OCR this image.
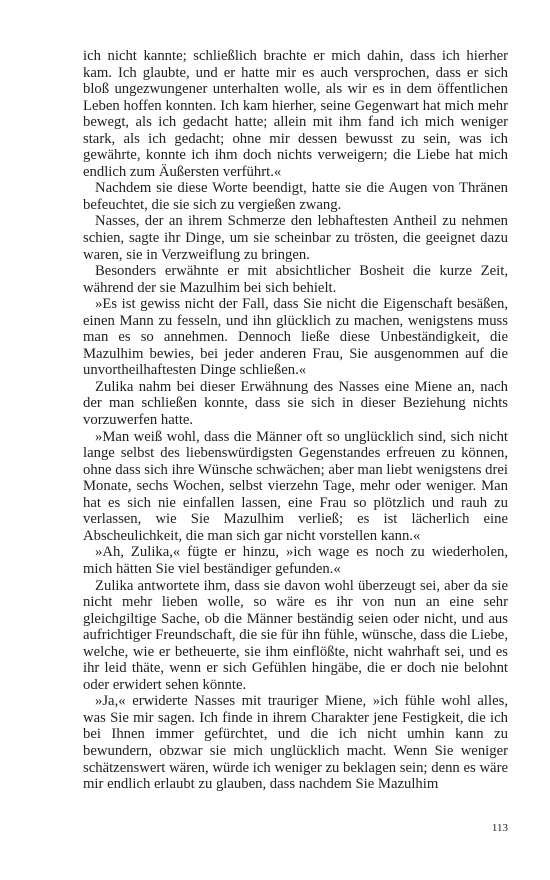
ich nicht kannte; schließlich brachte er mich dahin, dass ich hierher kam. Ich glaubte, und er hatte mir es auch versprochen, dass er sich bloß ungezwungener unterhalten wolle, als wir es in dem öffentlichen Leben hoffen konnten. Ich kam hierher, seine Gegenwart hat mich mehr bewegt, als ich gedacht hatte; allein mit ihm fand ich mich weniger stark, als ich gedacht; ohne mir dessen bewusst zu sein, was ich gewährte, konnte ich ihm doch nichts verweigern; die Liebe hat mich endlich zum Äußersten verführt.«

Nachdem sie diese Worte beendigt, hatte sie die Augen von Thränen befeuchtet, die sie sich zu vergießen zwang.

Nasses, der an ihrem Schmerze den lebhaftesten Antheil zu nehmen schien, sagte ihr Dinge, um sie scheinbar zu trösten, die geeignet dazu waren, sie in Verzweiflung zu bringen.

Besonders erwähnte er mit absichtlicher Bosheit die kurze Zeit, während der sie Mazulhim bei sich behielt.

»Es ist gewiss nicht der Fall, dass Sie nicht die Eigenschaft besäßen, einen Mann zu fesseln, und ihn glücklich zu machen, wenigstens muss man es so annehmen. Dennoch ließe diese Unbeständigkeit, die Mazulhim bewies, bei jeder anderen Frau, Sie ausgenommen auf die unvortheilhaftesten Dinge schließen.«

Zulika nahm bei dieser Erwähnung des Nasses eine Miene an, nach der man schließen konnte, dass sie sich in dieser Beziehung nichts vorzuwerfen hatte.

»Man weiß wohl, dass die Männer oft so unglücklich sind, sich nicht lange selbst des liebenswürdigsten Gegenstandes erfreuen zu können, ohne dass sich ihre Wünsche schwächen; aber man liebt wenigstens drei Monate, sechs Wochen, selbst vierzehn Tage, mehr oder weniger. Man hat es sich nie einfallen lassen, eine Frau so plötzlich und rauh zu verlassen, wie Sie Mazulhim verließ; es ist lächerlich eine Abscheulichkeit, die man sich gar nicht vorstellen kann.«

»Ah, Zulika,« fügte er hinzu, »ich wage es noch zu wiederholen, mich hätten Sie viel beständiger gefunden.«

Zulika antwortete ihm, dass sie davon wohl überzeugt sei, aber da sie nicht mehr lieben wolle, so wäre es ihr von nun an eine sehr gleichgiltige Sache, ob die Männer beständig seien oder nicht, und aus aufrichtiger Freundschaft, die sie für ihn fühle, wünsche, dass die Liebe, welche, wie er betheuerte, sie ihm einflößte, nicht wahrhaft sei, und es ihr leid thäte, wenn er sich Gefühlen hingäbe, die er doch nie belohnt oder erwidert sehen könnte.

»Ja,« erwiderte Nasses mit trauriger Miene, »ich fühle wohl alles, was Sie mir sagen. Ich finde in ihrem Charakter jene Festigkeit, die ich bei Ihnen immer gefürchtet, und die ich nicht umhin kann zu bewundern, obzwar sie mich unglücklich macht. Wenn Sie weniger schätzenswert wären, würde ich weniger zu beklagen sein; denn es wäre mir endlich erlaubt zu glauben, dass nachdem Sie Mazulhim

113
